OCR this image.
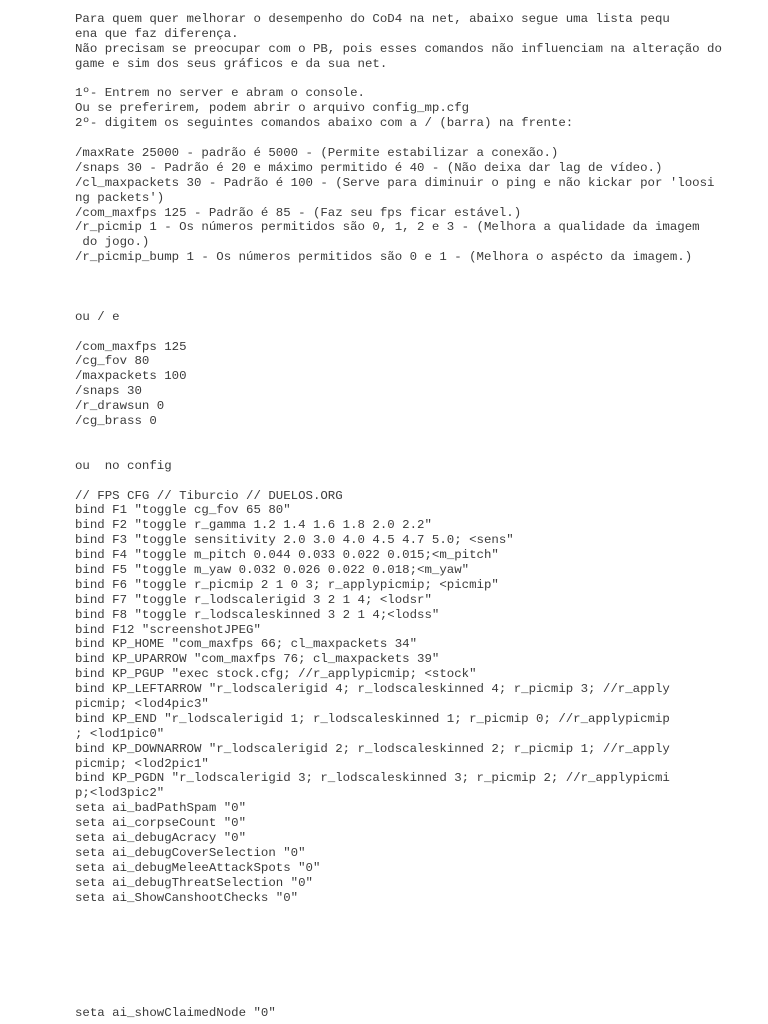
Para quem quer melhorar o desempenho do CoD4 na net, abaixo segue uma lista pequ
ena que faz diferença.
Não precisam se preocupar com o PB, pois esses comandos não influenciam na alteração do
game e sim dos seus gráficos e da sua net.
1º- Entrem no server e abram o console.
Ou se preferirem, podem abrir o arquivo config_mp.cfg
2º- digitem os seguintes comandos abaixo com a / (barra) na frente:
/maxRate 25000 - padrão é 5000 - (Permite estabilizar a conexão.)
/snaps 30 - Padrão é 20 e máximo permitido é 40 - (Não deixa dar lag de vídeo.)
/cl_maxpackets 30 - Padrão é 100 - (Serve para diminuir o ping e não kickar por 'loosi
ng packets')
/com_maxfps 125 - Padrão é 85 - (Faz seu fps ficar estável.)
/r_picmip 1 - Os números permitidos são 0, 1, 2 e 3 - (Melhora a qualidade da imagem
do jogo.)
/r_picmip_bump 1 - Os números permitidos são 0 e 1 - (Melhora o aspécto da imagem.)
ou / e
/com_maxfps 125
/cg_fov 80
/maxpackets 100
/snaps 30
/r_drawsun 0
/cg_brass 0
ou  no config
// FPS CFG // Tiburcio // DUELOS.ORG
bind F1 "toggle cg_fov 65 80"
bind F2 "toggle r_gamma 1.2 1.4 1.6 1.8 2.0 2.2"
bind F3 "toggle sensitivity 2.0 3.0 4.0 4.5 4.7 5.0; <sens"
bind F4 "toggle m_pitch 0.044 0.033 0.022 0.015;<m_pitch"
bind F5 "toggle m_yaw 0.032 0.026 0.022 0.018;<m_yaw"
bind F6 "toggle r_picmip 2 1 0 3; r_applypicmip; <picmip"
bind F7 "toggle r_lodscalerigid 3 2 1 4; <lodsr"
bind F8 "toggle r_lodscaleskinned 3 2 1 4;<lodss"
bind F12 "screenshotJPEG"
bind KP_HOME "com_maxfps 66; cl_maxpackets 34"
bind KP_UPARROW "com_maxfps 76; cl_maxpackets 39"
bind KP_PGUP "exec stock.cfg; //r_applypicmip; <stock"
bind KP_LEFTARROW "r_lodscalerigid 4; r_lodscaleskinned 4; r_picmip 3; //r_apply
picmip; <lod4pic3"
bind KP_END "r_lodscalerigid 1; r_lodscaleskinned 1; r_picmip 0; //r_applypicmip
; <lod1pic0"
bind KP_DOWNARROW "r_lodscalerigid 2; r_lodscaleskinned 2; r_picmip 1; //r_apply
picmip; <lod2pic1"
bind KP_PGDN "r_lodscalerigid 3; r_lodscaleskinned 3; r_picmip 2; //r_applypicmi
p;<lod3pic2"
seta ai_badPathSpam "0"
seta ai_corpseCount "0"
seta ai_debugAcracy "0"
seta ai_debugCoverSelection "0"
seta ai_debugMeleeAttackSpots "0"
seta ai_debugThreatSelection "0"
seta ai_ShowCanshootChecks "0"
seta ai_showClaimedNode "0"
